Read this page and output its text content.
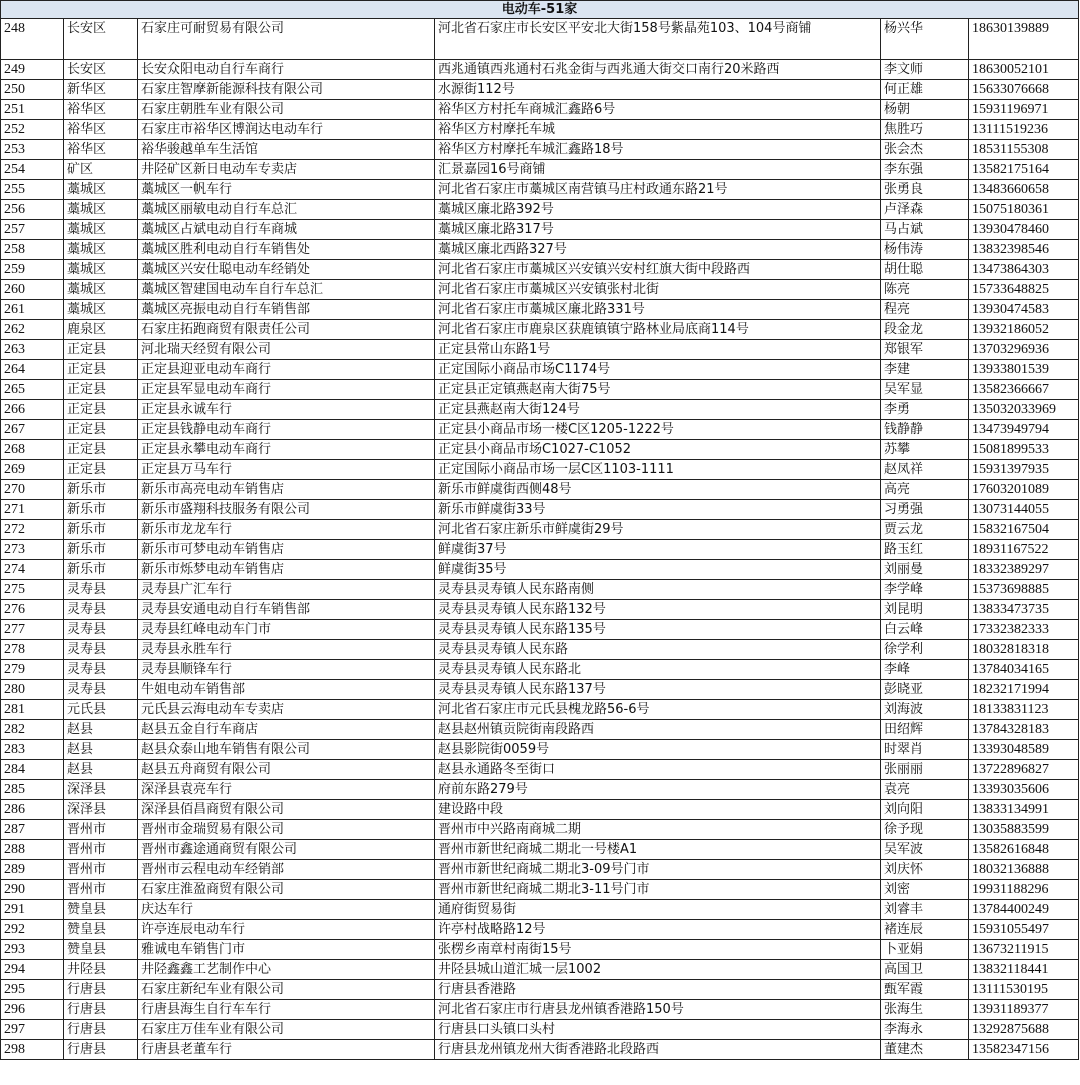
电动车-51家					
248	长安区	石家庄可耐贸易有限公司	河北省石家庄市长安区平安北大街158号紫晶苑103、104号商铺	杨兴华	18630139889
249	长安区	长安众阳电动自行车商行	西兆通镇西兆通村石兆金街与西兆通大街交口南行20米路西	李文师	18630052101
250	新华区	石家庄智摩新能源科技有限公司	水源街112号	何正雄	15633076668
251	裕华区	石家庄朝胜车业有限公司	裕华区方村托车商城汇鑫路6号	杨朝	15931196971
252	裕华区	石家庄市裕华区博润达电动车行	裕华区方村摩托车城	焦胜巧	13111519236
253	裕华区	裕华骏越单车生活馆	裕华区方村摩托车城汇鑫路18号	张会杰	18531155308
254	矿区	井陉矿区新日电动车专卖店	汇景嘉园16号商铺	李东强	13582175164
255	藁城区	藁城区一帆车行	河北省石家庄市藁城区南营镇马庄村政通东路21号	张勇良	13483660658
256	藁城区	藁城区丽敏电动自行车总汇	藁城区廉北路392号	卢泽森	15075180361
257	藁城区	藁城区占斌电动自行车商城	藁城区廉北路317号	马占斌	13930478460
258	藁城区	藁城区胜利电动自行车销售处	藁城区廉北西路327号	杨伟涛	13832398546
259	藁城区	藁城区兴安仕聪电动车经销处	河北省石家庄市藁城区兴安镇兴安村红旗大街中段路西	胡仕聪	13473864303
260	藁城区	藁城区智建国电动车自行车总汇	河北省石家庄市藁城区兴安镇张村北街	陈亮	15733648825
261	藁城区	藁城区亮振电动自行车销售部	河北省石家庄市藁城区廉北路331号	程亮	13930474583
262	鹿泉区	石家庄拓跑商贸有限责任公司	河北省石家庄市鹿泉区获鹿镇镇宁路林业局底商114号	段金龙	13932186052
263	正定县	河北瑞天经贸有限公司	正定县常山东路1号	郑银军	13703296936
264	正定县	正定县迎亚电动车商行	正定国际小商品市场C1174号	李建	13933801539
265	正定县	正定县军显电动车商行	正定县正定镇燕赵南大街75号	吴军显	13582366667
266	正定县	正定县永诚车行	正定县燕赵南大街124号	李勇	135032033969
267	正定县	正定县钱静电动车商行	正定县小商品市场一楼C区1205-1222号	钱静静	13473949794
268	正定县	正定县永攀电动车商行	正定县小商品市场C1027-C1052	苏攀	15081899533
269	正定县	正定县万马车行	正定国际小商品市场一层C区1103-1111	赵凤祥	15931397935
270	新乐市	新乐市高亮电动车销售店	新乐市鲜虞街西侧48号	高亮	17603201089
271	新乐市	新乐市盛翔科技服务有限公司	新乐市鲜虞街33号	习勇强	13073144055
272	新乐市	新乐市龙龙车行	河北省石家庄新乐市鲜虞街29号	贾云龙	15832167504
273	新乐市	新乐市可梦电动车销售店	鲜虞街37号	路玉红	18931167522
274	新乐市	新乐市烁梦电动车销售店	鲜虞街35号	刘丽曼	18332389297
275	灵寿县	灵寿县广汇车行	灵寿县灵寿镇人民东路南侧	李学峰	15373698885
276	灵寿县	灵寿县安通电动自行车销售部	灵寿县灵寿镇人民东路132号	刘昆明	13833473735
277	灵寿县	灵寿县红峰电动车门市	灵寿县灵寿镇人民东路135号	白云峰	17332382333
278	灵寿县	灵寿县永胜车行	灵寿县灵寿镇人民东路	徐学利	18032818318
279	灵寿县	灵寿县顺锋车行	灵寿县灵寿镇人民东路北	李峰	13784034165
280	灵寿县	牛姐电动车销售部	灵寿县灵寿镇人民东路137号	彭晓亚	18232171994
281	元氏县	元氏县云海电动车专卖店	河北省石家庄市元氏县槐龙路56-6号	刘海波	18133831123
282	赵县	赵县五金自行车商店	赵县赵州镇贡院街南段路西	田绍辉	13784328183
283	赵县	赵县众泰山地车销售有限公司	赵县影院街0059号	时翠肖	13393048589
284	赵县	赵县五舟商贸有限公司	赵县永通路冬至街口	张丽丽	13722896827
285	深泽县	深泽县袁亮车行	府前东路279号	袁亮	13393035606
286	深泽县	深泽县佰昌商贸有限公司	建设路中段	刘向阳	13833134991
287	晋州市	晋州市金瑞贸易有限公司	晋州市中兴路南商城二期	徐予现	13035883599
288	晋州市	晋州市鑫途通商贸有限公司	晋州市新世纪商城二期北一号楼A1	吴军波	13582616848
289	晋州市	晋州市云程电动车经销部	晋州市新世纪商城二期北3-09号门市	刘庆怀	18032136888
290	晋州市	石家庄淮盈商贸有限公司	晋州市新世纪商城二期北3-11号门市	刘密	19931188296
291	赞皇县	庆达车行	通府街贸易街	刘睿丰	13784400249
292	赞皇县	许亭连辰电动车行	许亭村战略路12号	褚连辰	15931055497
293	赞皇县	雅诚电车销售门市	张楞乡南章村南街15号	卜亚娟	13673211915
294	井陉县	井陉鑫鑫工艺制作中心	井陉县城山道汇城一层1002	高国卫	13832118441
295	行唐县	石家庄新纪车业有限公司	行唐县香港路	甄军霞	13111530195
296	行唐县	行唐县海生自行车车行	河北省石家庄市行唐县龙州镇香港路150号	张海生	13931189377
297	行唐县	石家庄万佳车业有限公司	行唐县口头镇口头村	李海永	13292875688
298	行唐县	行唐县老董车行	行唐县龙州镇龙州大街香港路北段路西	董建杰	13582347156
